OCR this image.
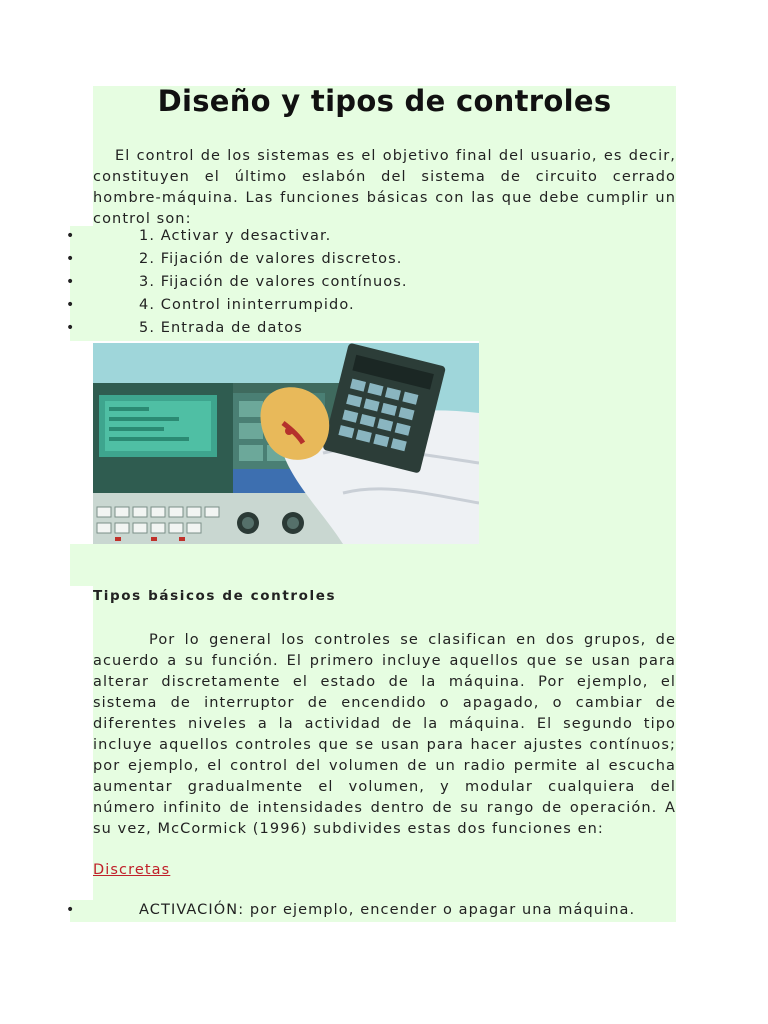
Diseño y tipos de controles

El control de los sistemas es el objetivo final del usuario, es decir, constituyen el último eslabón del sistema de circuito cerrado hombre-máquina. Las funciones básicas con las que debe cumplir un control son:

•	1. Activar y desactivar.
•	2. Fijación de valores discretos.
•	3. Fijación de valores contínuos.
•	4. Control ininterrumpido.
•	5. Entrada de datos
Tipos básicos de controles

Por lo general los controles se clasifican en dos grupos, de acuerdo a su función. El primero incluye aquellos que se usan para alterar discretamente el estado de la máquina. Por ejemplo, el sistema de interruptor de encendido o apagado, o cambiar de diferentes niveles a la actividad de la máquina. El segundo tipo incluye aquellos controles que se usan para hacer ajustes contínuos; por ejemplo, el control del volumen de un radio permite al escucha aumentar gradualmente el volumen, y modular cualquiera del número infinito de intensidades dentro de su rango de operación. A su vez, McCormick (1996) subdivides estas dos funciones en:

Discretas
•	ACTIVACIÓN: por ejemplo, encender o apagar una máquina.
